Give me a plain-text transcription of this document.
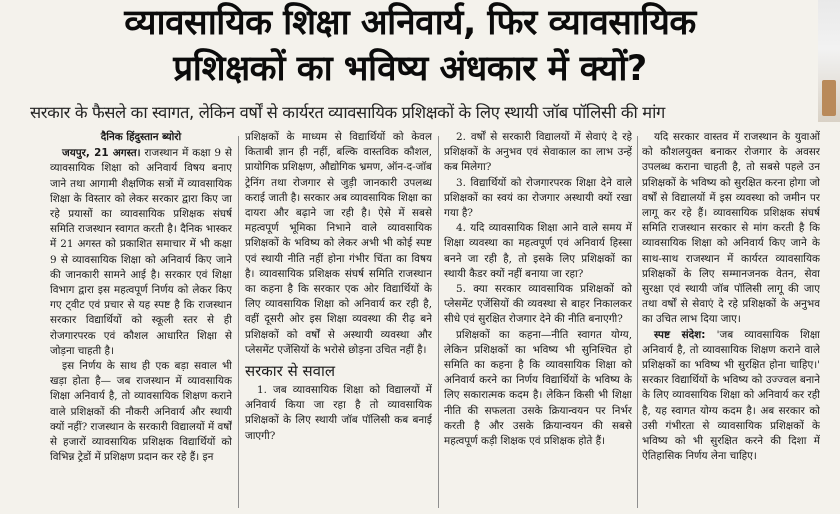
व्यावसायिक शिक्षा अनिवार्य, फिर व्यावसायिक
प्रशिक्षकों का भविष्य अंधकार में क्यों?
सरकार के फैसले का स्वागत, लेकिन वर्षों से कार्यरत व्यावसायिक प्रशिक्षकों के लिए स्थायी जॉब पॉलिसी की मांग
दैनिक हिंदुस्तान ब्योरो

जयपुर, 21 अगस्त। राजस्थान में कक्षा 9 से व्यावसायिक शिक्षा को अनिवार्य विषय बनाए जाने तथा आगामी शैक्षणिक सत्रों में व्यावसायिक शिक्षा के विस्तार को लेकर सरकार द्वारा किए जा रहे प्रयासों का व्यावसायिक प्रशिक्षक संघर्ष समिति राजस्थान स्वागत करती है। दैनिक भास्कर में 21 अगस्त को प्रकाशित समाचार में भी कक्षा 9 से व्यावसायिक शिक्षा को अनिवार्य किए जाने की जानकारी सामने आई है। सरकार एवं शिक्षा विभाग द्वारा इस महत्वपूर्ण निर्णय को लेकर किए गए ट्वीट एवं प्रचार से यह स्पष्ट है कि राजस्थान सरकार विद्यार्थियों को स्कूली स्तर से ही रोजगारपरक एवं कौशल आधारित शिक्षा से जोड़ना चाहती है।

इस निर्णय के साथ ही एक बड़ा सवाल भी खड़ा होता है— जब राजस्थान में व्यावसायिक शिक्षा अनिवार्य है, तो व्यावसायिक शिक्षण कराने वाले प्रशिक्षकों की नौकरी अनिवार्य और स्थायी क्यों नहीं? राजस्थान के सरकारी विद्यालयों में वर्षों से हजारों व्यावसायिक प्रशिक्षक विद्यार्थियों को विभिन्न ट्रेडों में प्रशिक्षण प्रदान कर रहे हैं। इन

प्रशिक्षकों के माध्यम से विद्यार्थियों को केवल किताबी ज्ञान ही नहीं, बल्कि वास्तविक कौशल, प्रायोगिक प्रशिक्षण, औद्योगिक भ्रमण, ऑन-द-जॉब ट्रेनिंग तथा रोजगार से जुड़ी जानकारी उपलब्ध कराई जाती है। सरकार अब व्यावसायिक शिक्षा का दायरा और बढ़ाने जा रही है। ऐसे में सबसे महत्वपूर्ण भूमिका निभाने वाले व्यावसायिक प्रशिक्षकों के भविष्य को लेकर अभी भी कोई स्पष्ट एवं स्थायी नीति नहीं होना गंभीर चिंता का विषय है। व्यावसायिक प्रशिक्षक संघर्ष समिति राजस्थान का कहना है कि सरकार एक ओर विद्यार्थियों के लिए व्यावसायिक शिक्षा को अनिवार्य कर रही है, वहीं दूसरी ओर इस शिक्षा व्यवस्था की रीढ़ बने प्रशिक्षकों को वर्षों से अस्थायी व्यवस्था और प्लेसमेंट एजेंसियों के भरोसे छोड़ना उचित नहीं है।

सरकार से सवाल

1. जब व्यावसायिक शिक्षा को विद्यालयों में अनिवार्य किया जा रहा है तो व्यावसायिक प्रशिक्षकों के लिए स्थायी जॉब पॉलिसी कब बनाई जाएगी?

2. वर्षों से सरकारी विद्यालयों में सेवाएं दे रहे प्रशिक्षकों के अनुभव एवं सेवाकाल का लाभ उन्हें कब मिलेगा?

3. विद्यार्थियों को रोजगारपरक शिक्षा देने वाले प्रशिक्षकों का स्वयं का रोजगार अस्थायी क्यों रखा गया है?

4. यदि व्यावसायिक शिक्षा आने वाले समय में शिक्षा व्यवस्था का महत्वपूर्ण एवं अनिवार्य हिस्सा बनने जा रही है, तो इसके लिए प्रशिक्षकों का स्थायी कैडर क्यों नहीं बनाया जा रहा?

5. क्या सरकार व्यावसायिक प्रशिक्षकों को प्लेसमेंट एजेंसियों की व्यवस्था से बाहर निकालकर सीधे एवं सुरक्षित रोजगार देने की नीति बनाएगी?

प्रशिक्षकों का कहना—नीति स्वागत योग्य, लेकिन प्रशिक्षकों का भविष्य भी सुनिश्चित हो समिति का कहना है कि व्यावसायिक शिक्षा को अनिवार्य करने का निर्णय विद्यार्थियों के भविष्य के लिए सकारात्मक कदम है। लेकिन किसी भी शिक्षा नीति की सफलता उसके क्रियान्वयन पर निर्भर करती है और उसके क्रियान्वयन की सबसे महत्वपूर्ण कड़ी शिक्षक एवं प्रशिक्षक होते हैं।

यदि सरकार वास्तव में राजस्थान के युवाओं को कौशलयुक्त बनाकर रोजगार के अवसर उपलब्ध कराना चाहती है, तो सबसे पहले उन प्रशिक्षकों के भविष्य को सुरक्षित करना होगा जो वर्षों से विद्यालयों में इस व्यवस्था को जमीन पर लागू कर रहे हैं। व्यावसायिक प्रशिक्षक संघर्ष समिति राजस्थान सरकार से मांग करती है कि व्यावसायिक शिक्षा को अनिवार्य किए जाने के साथ-साथ राजस्थान में कार्यरत व्यावसायिक प्रशिक्षकों के लिए सम्मानजनक वेतन, सेवा सुरक्षा एवं स्थायी जॉब पॉलिसी लागू की जाए तथा वर्षों से सेवाएं दे रहे प्रशिक्षकों के अनुभव का उचित लाभ दिया जाए।

स्पष्ट संदेश: 'जब व्यावसायिक शिक्षा अनिवार्य है, तो व्यावसायिक शिक्षण कराने वाले प्रशिक्षकों का भविष्य भी सुरक्षित होना चाहिए।' सरकार विद्यार्थियों के भविष्य को उज्ज्वल बनाने के लिए व्यावसायिक शिक्षा को अनिवार्य कर रही है, यह स्वागत योग्य कदम है। अब सरकार को उसी गंभीरता से व्यावसायिक प्रशिक्षकों के भविष्य को भी सुरक्षित करने की दिशा में ऐतिहासिक निर्णय लेना चाहिए।
